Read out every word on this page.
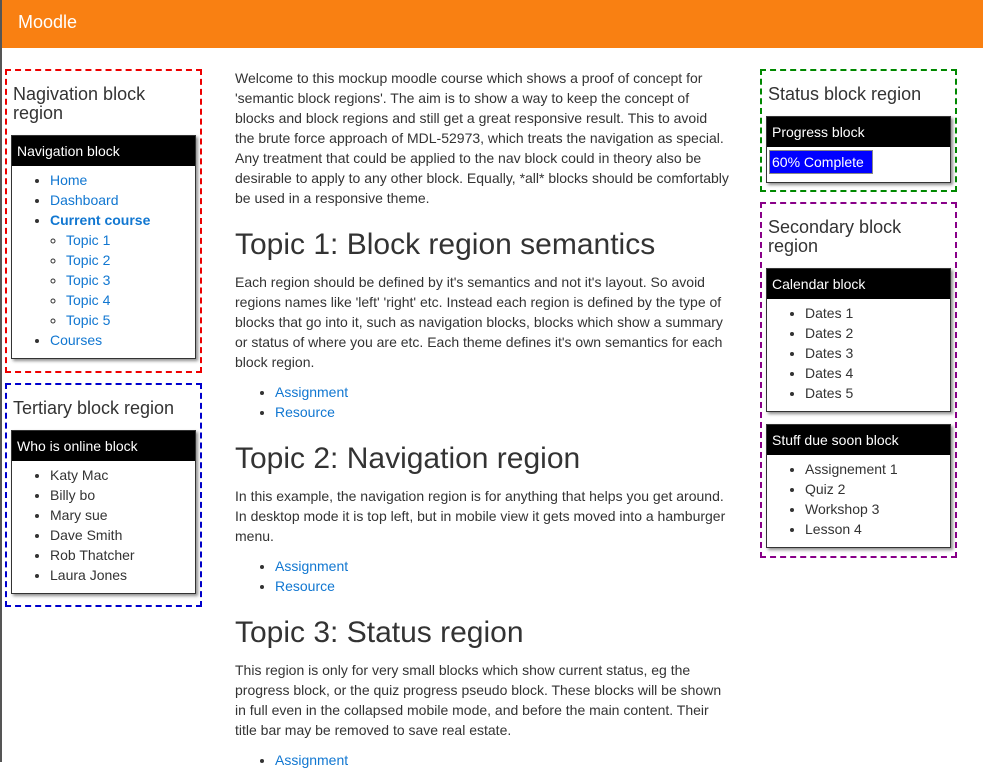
Moodle
Nagivation block region
Navigation block
• Home
• Dashboard
• Current course
◦ Topic 1
◦ Topic 2
◦ Topic 3
◦ Topic 4
◦ Topic 5
• Courses
Tertiary block region
Who is online block
• Katy Mac
• Billy bo
• Mary sue
• Dave Smith
• Rob Thatcher
• Laura Jones

Welcome to this mockup moodle course which shows a proof of concept for 'semantic block regions'. The aim is to show a way to keep the concept of blocks and block regions and still get a great responsive result. This to avoid the brute force approach of MDL-52973, which treats the navigation as special. Any treatment that could be applied to the nav block could in theory also be desirable to apply to any other block. Equally, *all* blocks should be comfortably be used in a responsive theme.

Topic 1: Block region semantics

Each region should be defined by it's semantics and not it's layout. So avoid regions names like 'left' 'right' etc. Instead each region is defined by the type of blocks that go into it, such as navigation blocks, blocks which show a summary or status of where you are etc. Each theme defines it's own semantics for each block region.

• Assignment
• Resource
Topic 2: Navigation region

In this example, the navigation region is for anything that helps you get around. In desktop mode it is top left, but in mobile view it gets moved into a hamburger menu.

• Assignment
• Resource
Topic 3: Status region

This region is only for very small blocks which show current status, eg the progress block, or the quiz progress pseudo block. These blocks will be shown in full even in the collapsed mobile mode, and before the main content. Their title bar may be removed to save real estate.

• Assignment
Status block region
Progress block
60% Complete
Secondary block region
Calendar block
• Dates 1
• Dates 2
• Dates 3
• Dates 4
• Dates 5
Stuff due soon block
• Assignement 1
• Quiz 2
• Workshop 3
• Lesson 4
